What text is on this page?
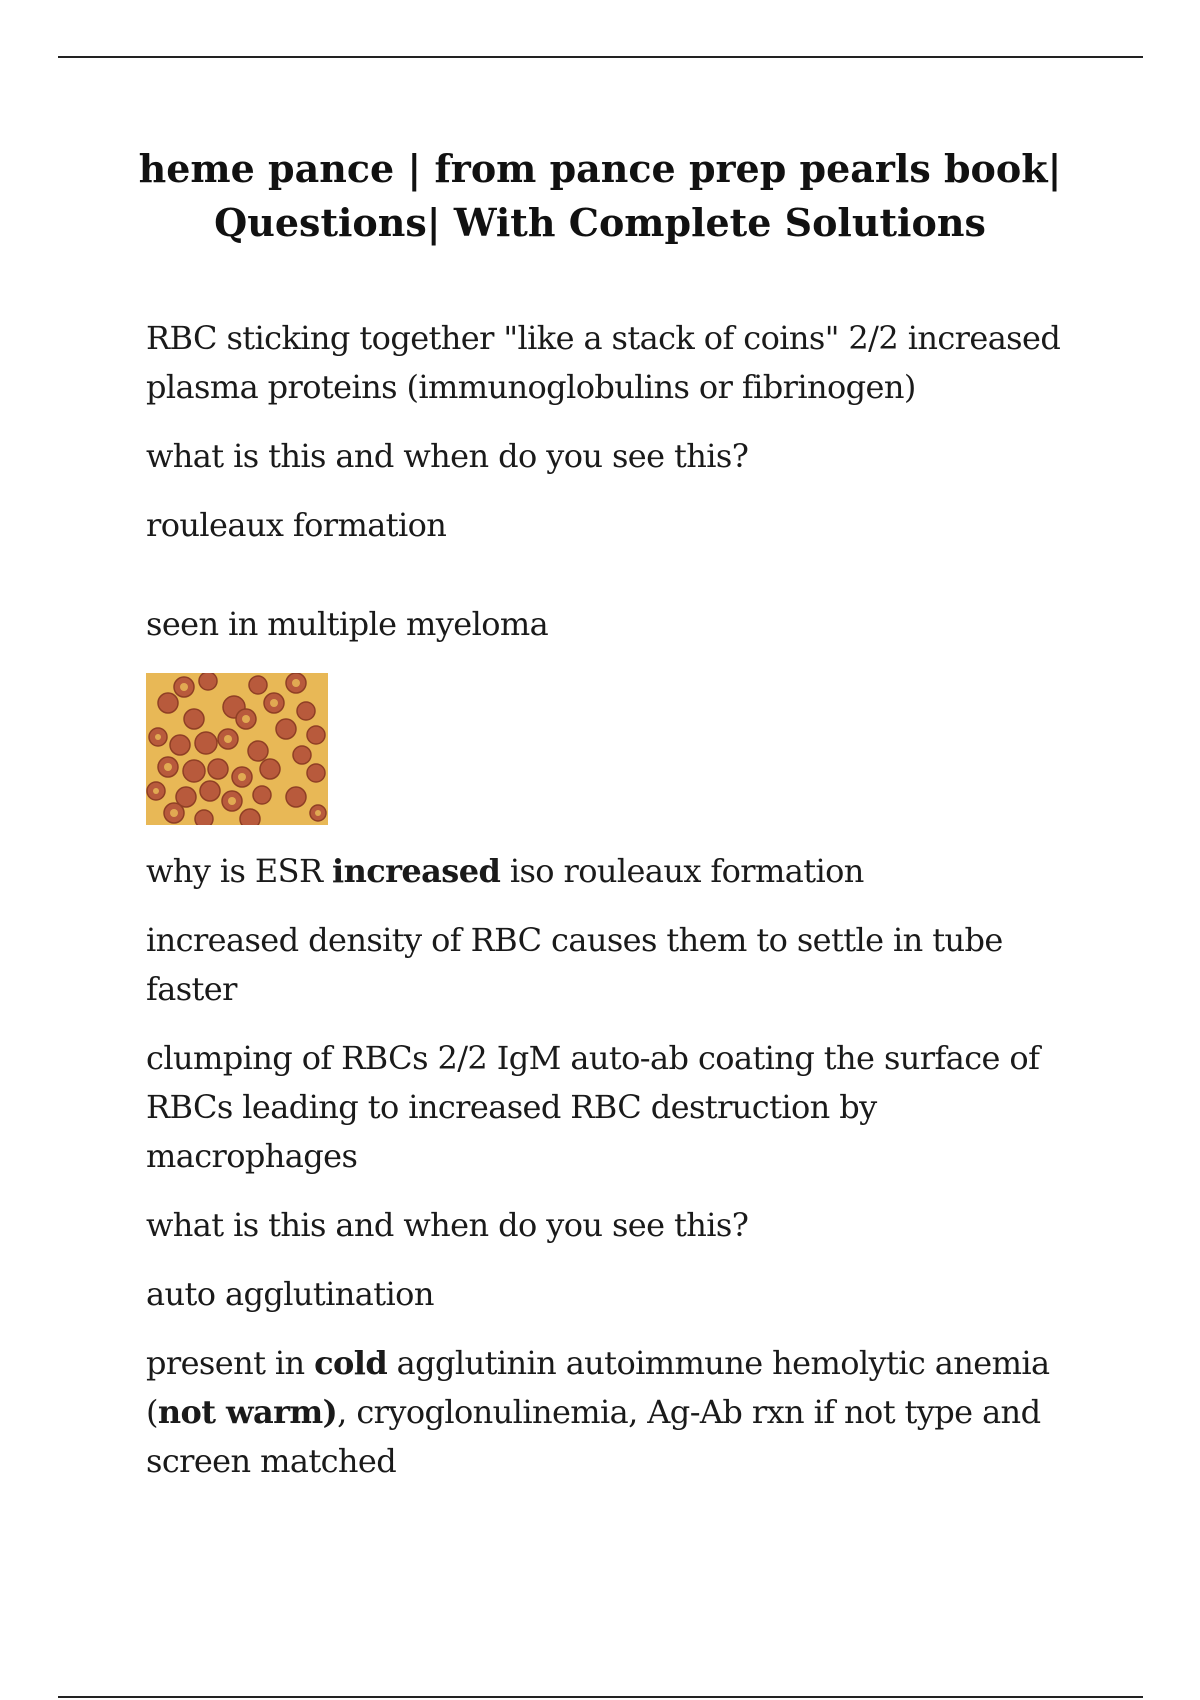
heme pance | from pance prep pearls book|
Questions| With Complete Solutions

RBC sticking together "like a stack of coins" 2/2 increased plasma proteins (immunoglobulins or fibrinogen)

what is this and when do you see this?

rouleaux formation

seen in multiple myeloma

why is ESR increased iso rouleaux formation

increased density of RBC causes them to settle in tube faster

clumping of RBCs 2/2 IgM auto-ab coating the surface of RBCs leading to increased RBC destruction by macrophages

what is this and when do you see this?

auto agglutination

present in cold agglutinin autoimmune hemolytic anemia (not warm), cryoglonulinemia, Ag-Ab rxn if not type and screen matched
